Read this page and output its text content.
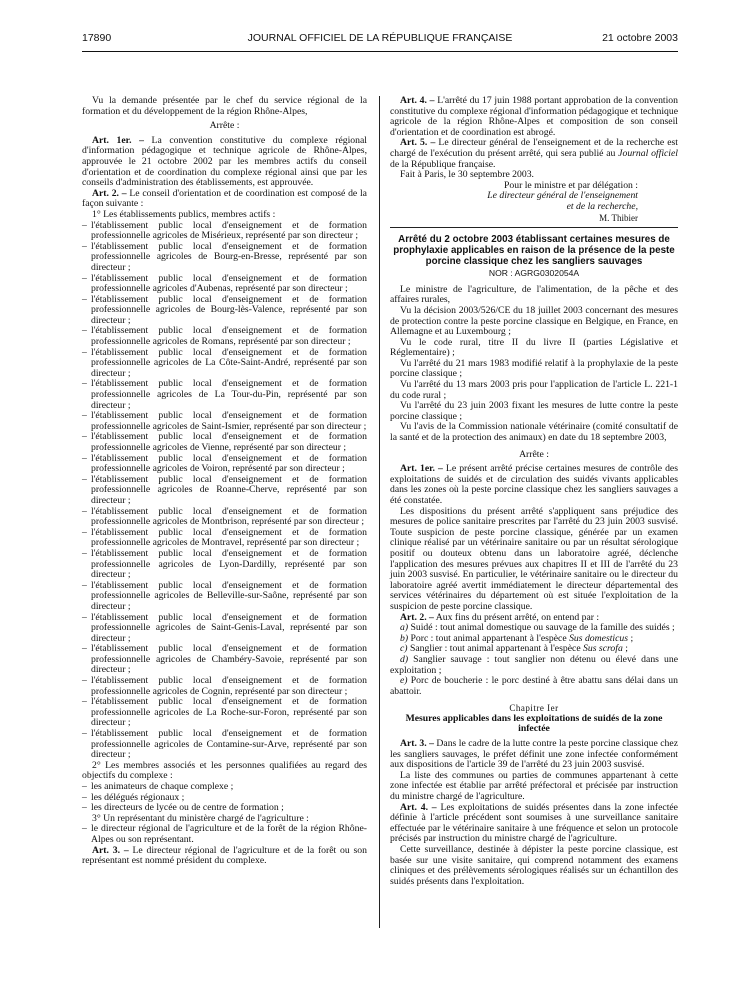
17890	JOURNAL OFFICIEL DE LA RÉPUBLIQUE FRANÇAISE	21 octobre 2003

Vu la demande présentée par le chef du service régional de la formation et du développement de la région Rhône-Alpes,

Arrête :

Art. 1er. – La convention constitutive du complexe régional d'information pédagogique et technique agricole de Rhône-Alpes, approuvée le 21 octobre 2002 par les membres actifs du conseil d'orientation et de coordination du complexe régional ainsi que par les conseils d'administration des établissements, est approuvée.

Art. 2. – Le conseil d'orientation et de coordination est composé de la façon suivante :

1° Les établissements publics, membres actifs :

– l'établissement public local d'enseignement et de formation professionnelle agricoles de Misérieux, représenté par son directeur ;

– l'établissement public local d'enseignement et de formation professionnelle agricoles de Bourg-en-Bresse, représenté par son directeur ;

– l'établissement public local d'enseignement et de formation professionnelle agricoles d'Aubenas, représenté par son directeur ;

– l'établissement public local d'enseignement et de formation professionnelle agricoles de Bourg-lès-Valence, représenté par son directeur ;

– l'établissement public local d'enseignement et de formation professionnelle agricoles de Romans, représenté par son directeur ;

– l'établissement public local d'enseignement et de formation professionnelle agricoles de La Côte-Saint-André, représenté par son directeur ;

– l'établissement public local d'enseignement et de formation professionnelle agricoles de La Tour-du-Pin, représenté par son directeur ;

– l'établissement public local d'enseignement et de formation professionnelle agricoles de Saint-Ismier, représenté par son directeur ;

– l'établissement public local d'enseignement et de formation professionnelle agricoles de Vienne, représenté par son directeur ;

– l'établissement public local d'enseignement et de formation professionnelle agricoles de Voiron, représenté par son directeur ;

– l'établissement public local d'enseignement et de formation professionnelle agricoles de Roanne-Cherve, représenté par son directeur ;

– l'établissement public local d'enseignement et de formation professionnelle agricoles de Montbrison, représenté par son directeur ;

– l'établissement public local d'enseignement et de formation professionnelle agricoles de Montravel, représenté par son directeur ;

– l'établissement public local d'enseignement et de formation professionnelle agricoles de Lyon-Dardilly, représenté par son directeur ;

– l'établissement public local d'enseignement et de formation professionnelle agricoles de Belleville-sur-Saône, représenté par son directeur ;

– l'établissement public local d'enseignement et de formation professionnelle agricoles de Saint-Genis-Laval, représenté par son directeur ;

– l'établissement public local d'enseignement et de formation professionnelle agricoles de Chambéry-Savoie, représenté par son directeur ;

– l'établissement public local d'enseignement et de formation professionnelle agricoles de Cognin, représenté par son directeur ;

– l'établissement public local d'enseignement et de formation professionnelle agricoles de La Roche-sur-Foron, représenté par son directeur ;

– l'établissement public local d'enseignement et de formation professionnelle agricoles de Contamine-sur-Arve, représenté par son directeur ;

2° Les membres associés et les personnes qualifiées au regard des objectifs du complexe :

– les animateurs de chaque complexe ;

– les délégués régionaux ;

– les directeurs de lycée ou de centre de formation ;

3° Un représentant du ministère chargé de l'agriculture :

– le directeur régional de l'agriculture et de la forêt de la région Rhône-Alpes ou son représentant.

Art. 3. – Le directeur régional de l'agriculture et de la forêt ou son représentant est nommé président du complexe.

Art. 4. – L'arrêté du 17 juin 1988 portant approbation de la convention constitutive du complexe régional d'information pédagogique et technique agricole de la région Rhône-Alpes et composition de son conseil d'orientation et de coordination est abrogé.

Art. 5. – Le directeur général de l'enseignement et de la recherche est chargé de l'exécution du présent arrêté, qui sera publié au Journal officiel de la République française.

Fait à Paris, le 30 septembre 2003.

Pour le ministre et par délégation :

Le directeur général de l'enseignement

et de la recherche,

M. Thibier

Arrêté du 2 octobre 2003 établissant certaines mesures de prophylaxie applicables en raison de la présence de la peste porcine classique chez les sangliers sauvages

NOR : AGRG0302054A

Le ministre de l'agriculture, de l'alimentation, de la pêche et des affaires rurales,

Vu la décision 2003/526/CE du 18 juillet 2003 concernant des mesures de protection contre la peste porcine classique en Belgique, en France, en Allemagne et au Luxembourg ;

Vu le code rural, titre II du livre II (parties Législative et Réglementaire) ;

Vu l'arrêté du 21 mars 1983 modifié relatif à la prophylaxie de la peste porcine classique ;

Vu l'arrêté du 13 mars 2003 pris pour l'application de l'article L. 221-1 du code rural ;

Vu l'arrêté du 23 juin 2003 fixant les mesures de lutte contre la peste porcine classique ;

Vu l'avis de la Commission nationale vétérinaire (comité consultatif de la santé et de la protection des animaux) en date du 18 septembre 2003,

Arrête :

Art. 1er. – Le présent arrêté précise certaines mesures de contrôle des exploitations de suidés et de circulation des suidés vivants applicables dans les zones où la peste porcine classique chez les sangliers sauvages a été constatée.

Les dispositions du présent arrêté s'appliquent sans préjudice des mesures de police sanitaire prescrites par l'arrêté du 23 juin 2003 susvisé. Toute suspicion de peste porcine classique, générée par un examen clinique réalisé par un vétérinaire sanitaire ou par un résultat sérologique positif ou douteux obtenu dans un laboratoire agréé, déclenche l'application des mesures prévues aux chapitres II et III de l'arrêté du 23 juin 2003 susvisé. En particulier, le vétérinaire sanitaire ou le directeur du laboratoire agréé avertit immédiatement le directeur départemental des services vétérinaires du département où est située l'exploitation de la suspicion de peste porcine classique.

Art. 2. – Aux fins du présent arrêté, on entend par :

a) Suidé : tout animal domestique ou sauvage de la famille des suidés ;

b) Porc : tout animal appartenant à l'espèce Sus domesticus ;

c) Sanglier : tout animal appartenant à l'espèce Sus scrofa ;

d) Sanglier sauvage : tout sanglier non détenu ou élevé dans une exploitation ;

e) Porc de boucherie : le porc destiné à être abattu sans délai dans un abattoir.

Chapitre Ier

Mesures applicables dans les exploitations de suidés de la zone infectée

Art. 3. – Dans le cadre de la lutte contre la peste porcine classique chez les sangliers sauvages, le préfet définit une zone infectée conformément aux dispositions de l'article 39 de l'arrêté du 23 juin 2003 susvisé.

La liste des communes ou parties de communes appartenant à cette zone infectée est établie par arrêté préfectoral et précisée par instruction du ministre chargé de l'agriculture.

Art. 4. – Les exploitations de suidés présentes dans la zone infectée définie à l'article précédent sont soumises à une surveillance sanitaire effectuée par le vétérinaire sanitaire à une fréquence et selon un protocole précisés par instruction du ministre chargé de l'agriculture.

Cette surveillance, destinée à dépister la peste porcine classique, est basée sur une visite sanitaire, qui comprend notamment des examens cliniques et des prélèvements sérologiques réalisés sur un échantillon des suidés présents dans l'exploitation.
